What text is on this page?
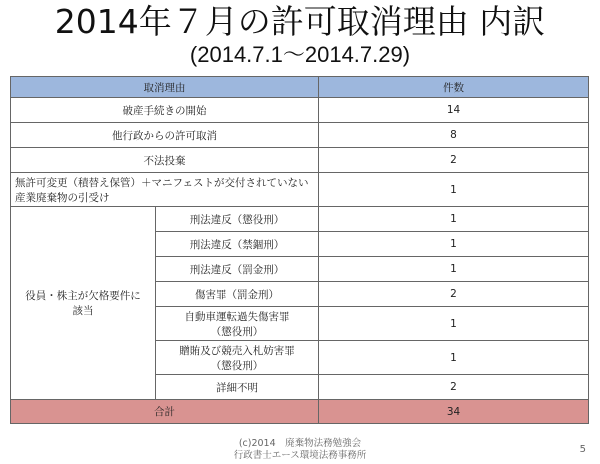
2014年７月の許可取消理由 内訳
(2014.7.1～2014.7.29)
取消理由		件数
破産手続きの開始		14
他行政からの許可取消		8
不法投棄		2

無許可変更（積替え保管）＋マニフェストが交付されていない
産業廃棄物の引受け		1

役員・株主が欠格要件に
該当	刑法違反（懲役刑）	1
	刑法違反（禁錮刑）	1
	刑法違反（罰金刑）	1
	傷害罪（罰金刑）	2

	自動車運転過失傷害罪
（懲役刑）	1

	贈賄及び競売入札妨害罪
（懲役刑）	1
	詳細不明	2
合計		34
(c)2014　廃棄物法務勉強会
行政書士エース環境法務事務所
5
